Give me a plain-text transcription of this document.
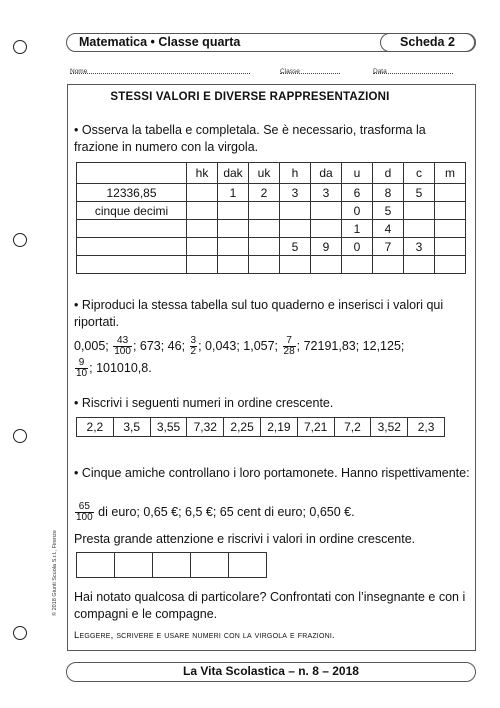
Matematica • Classe quarta	Scheda 2
Nome	Classe	Data
© 2018 Giunti Scuola S.r.l., Firenze
STESSI VALORI E DIVERSE RAPPRESENTAZIONI
• Osserva la tabella e completala. Se è necessario, trasforma la frazione in numero con la virgola.
	hk	dak	uk	h	da	u	d	c	m
12336,85		1	2	3	3	6	8	5	
cinque decimi						0	5		
						1	4		
				5	9	0	7	3	

• Riproduci la stessa tabella sul tuo quaderno e inserisci i valori qui riportati.
0,005; $\frac{43}{100}$ ; 673; 46; $\frac{3}{2}$ ; 0,043; 1,057; $\frac{7}{28}$ ; 72191,83; 12,125;

$\frac{9}{10}$ ; 101010,8.
• Riscrivi i seguenti numeri in ordine crescente.
2,2	3,5	3,55	7,32	2,25	2,19	7,21	7,2	3,52	2,3
• Cinque amiche controllano i loro portamonete. Hanno rispettivamente:
$\frac{65}{100}$ di euro; 0,65 €; 6,5 €; 65 cent di euro; 0,650 €.
Presta grande attenzione e riscrivi i valori in ordine crescente.

Hai notato qualcosa di particolare? Confrontati con l’insegnante e con i compagni e le compagne.
Leggere, scrivere e usare numeri con la virgola e frazioni.
La Vita Scolastica – n. 8 – 2018
